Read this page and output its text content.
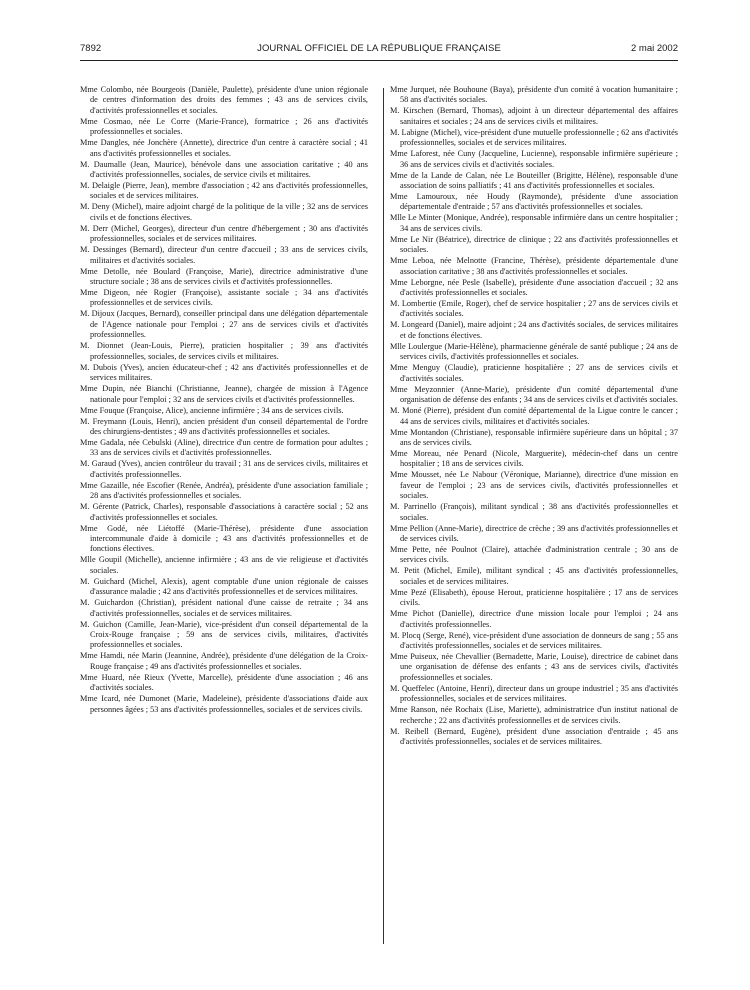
7892	JOURNAL OFFICIEL DE LA RÉPUBLIQUE FRANÇAISE	2 mai 2002

Mme Colombo, née Bourgeois (Danièle, Paulette), présidente d'une union régionale de centres d'information des droits des femmes ; 43 ans de services civils, d'activités professionnelles et sociales.

Mme Cosmao, née Le Corre (Marie-France), formatrice ; 26 ans d'activités professionnelles et sociales.

Mme Dangles, née Jonchère (Annette), directrice d'un centre à caractère social ; 41 ans d'activités professionnelles et sociales.

M. Daumalle (Jean, Maurice), bénévole dans une association caritative ; 40 ans d'activités professionnelles, sociales, de service civils et militaires.

M. Delaigle (Pierre, Jean), membre d'association ; 42 ans d'activités professionnelles, sociales et de services militaires.

M. Deny (Michel), maire adjoint chargé de la politique de la ville ; 32 ans de services civils et de fonctions électives.

M. Derr (Michel, Georges), directeur d'un centre d'hébergement ; 30 ans d'activités professionnelles, sociales et de services militaires.

M. Dessinges (Bernard), directeur d'un centre d'accueil ; 33 ans de services civils, militaires et d'activités sociales.

Mme Detolle, née Boulard (Françoise, Marie), directrice administrative d'une structure sociale ; 38 ans de services civils et d'activités professionnelles.

Mme Digeon, née Rogier (Françoise), assistante sociale ; 34 ans d'activités professionnelles et de services civils.

M. Dijoux (Jacques, Bernard), conseiller principal dans une délégation départementale de l'Agence nationale pour l'emploi ; 27 ans de services civils et d'activités professionnelles.

M. Dionnet (Jean-Louis, Pierre), praticien hospitalier ; 39 ans d'activités professionnelles, sociales, de services civils et militaires.

M. Dubois (Yves), ancien éducateur-chef ; 42 ans d'activités professionnelles et de services militaires.

Mme Dupin, née Bianchi (Christianne, Jeanne), chargée de mission à l'Agence nationale pour l'emploi ; 32 ans de services civils et d'activités professionnelles.

Mme Fouque (Françoise, Alice), ancienne infirmière ; 34 ans de services civils.

M. Freymann (Louis, Henri), ancien président d'un conseil départemental de l'ordre des chirurgiens-dentistes ; 49 ans d'activités professionnelles et sociales.

Mme Gadala, née Cebulski (Aline), directrice d'un centre de formation pour adultes ; 33 ans de services civils et d'activités professionnelles.

M. Garaud (Yves), ancien contrôleur du travail ; 31 ans de services civils, militaires et d'activités professionnelles.

Mme Gazaille, née Escofier (Renée, Andréa), présidente d'une association familiale ; 28 ans d'activités professionnelles et sociales.

M. Gérente (Patrick, Charles), responsable d'associations à caractère social ; 52 ans d'activités professionnelles et sociales.

Mme Godé, née Liétoffé (Marie-Thérèse), présidente d'une association intercommunale d'aide à domicile ; 43 ans d'activités professionnelles et de fonctions électives.

Mlle Goupil (Michelle), ancienne infirmière ; 43 ans de vie religieuse et d'activités sociales.

M. Guichard (Michel, Alexis), agent comptable d'une union régionale de caisses d'assurance maladie ; 42 ans d'activités professionnelles et de services militaires.

M. Guichardon (Christian), président national d'une caisse de retraite ; 34 ans d'activités professionnelles, sociales et de services militaires.

M. Guichon (Camille, Jean-Marie), vice-président d'un conseil départemental de la Croix-Rouge française ; 59 ans de services civils, militaires, d'activités professionnelles et sociales.

Mme Hamdi, née Marin (Jeannine, Andrée), présidente d'une délégation de la Croix-Rouge française ; 49 ans d'activités professionnelles et sociales.

Mme Huard, née Rieux (Yvette, Marcelle), présidente d'une association ; 46 ans d'activités sociales.

Mme Icard, née Dumonet (Marie, Madeleine), présidente d'associations d'aide aux personnes âgées ; 53 ans d'activités professionnelles, sociales et de services civils.

Mme Jurquet, née Bouhoune (Baya), présidente d'un comité à vocation humanitaire ; 58 ans d'activités sociales.

M. Kirschen (Bernard, Thomas), adjoint à un directeur départemental des affaires sanitaires et sociales ; 24 ans de services civils et militaires.

M. Labigne (Michel), vice-président d'une mutuelle professionnelle ; 62 ans d'activités professionnelles, sociales et de services militaires.

Mme Laforest, née Cuny (Jacqueline, Lucienne), responsable infirmière supérieure ; 36 ans de services civils et d'activités sociales.

Mme de la Lande de Calan, née Le Bouteiller (Brigitte, Hélène), responsable d'une association de soins palliatifs ; 41 ans d'activités professionnelles et sociales.

Mme Lamouroux, née Houdy (Raymonde), présidente d'une association départementale d'entraide ; 57 ans d'activités professionnelles et sociales.

Mlle Le Minter (Monique, Andrée), responsable infirmière dans un centre hospitalier ; 34 ans de services civils.

Mme Le Nir (Béatrice), directrice de clinique ; 22 ans d'activités professionnelles et sociales.

Mme Leboa, née Melnotte (Francine, Thérèse), présidente départementale d'une association caritative ; 38 ans d'activités professionnelles et sociales.

Mme Leborgne, née Pesle (Isabelle), présidente d'une association d'accueil ; 32 ans d'activités professionnelles et sociales.

M. Lombertie (Emile, Roger), chef de service hospitalier ; 27 ans de services civils et d'activités sociales.

M. Longeard (Daniel), maire adjoint ; 24 ans d'activités sociales, de services militaires et de fonctions électives.

Mlle Loulergue (Marie-Hélène), pharmacienne générale de santé publique ; 24 ans de services civils, d'activités professionnelles et sociales.

Mme Menguy (Claudie), praticienne hospitalière ; 27 ans de services civils et d'activités sociales.

Mme Meyzonnier (Anne-Marie), présidente d'un comité départemental d'une organisation de défense des enfants ; 34 ans de services civils et d'activités sociales.

M. Moné (Pierre), président d'un comité départemental de la Ligue contre le cancer ; 44 ans de services civils, militaires et d'activités sociales.

Mme Montandon (Christiane), responsable infirmière supérieure dans un hôpital ; 37 ans de services civils.

Mme Moreau, née Penard (Nicole, Marguerite), médecin-chef dans un centre hospitalier ; 18 ans de services civils.

Mme Mousset, née Le Nabour (Véronique, Marianne), directrice d'une mission en faveur de l'emploi ; 23 ans de services civils, d'activités professionnelles et sociales.

M. Parrinello (François), militant syndical ; 38 ans d'activités professionnelles et sociales.

Mme Pellion (Anne-Marie), directrice de crèche ; 39 ans d'activités professionnelles et de services civils.

Mme Pette, née Poulnot (Claire), attachée d'administration centrale ; 30 ans de services civils.

M. Petit (Michel, Emile), militant syndical ; 45 ans d'activités professionnelles, sociales et de services militaires.

Mme Pezé (Elisabeth), épouse Herout, praticienne hospitalière ; 17 ans de services civils.

Mme Pichot (Danielle), directrice d'une mission locale pour l'emploi ; 24 ans d'activités professionnelles.

M. Plocq (Serge, René), vice-président d'une association de donneurs de sang ; 55 ans d'activités professionnelles, sociales et de services militaires.

Mme Puiseux, née Chevallier (Bernadette, Marie, Louise), directrice de cabinet dans une organisation de défense des enfants ; 43 ans de services civils, d'activités professionnelles et sociales.

M. Queffelec (Antoine, Henri), directeur dans un groupe industriel ; 35 ans d'activités professionnelles, sociales et de services militaires.

Mme Ranson, née Rochaix (Lise, Mariette), administratrice d'un institut national de recherche ; 22 ans d'activités professionnelles et de services civils.

M. Reibell (Bernard, Eugène), président d'une association d'entraide ; 45 ans d'activités professionnelles, sociales et de services militaires.
